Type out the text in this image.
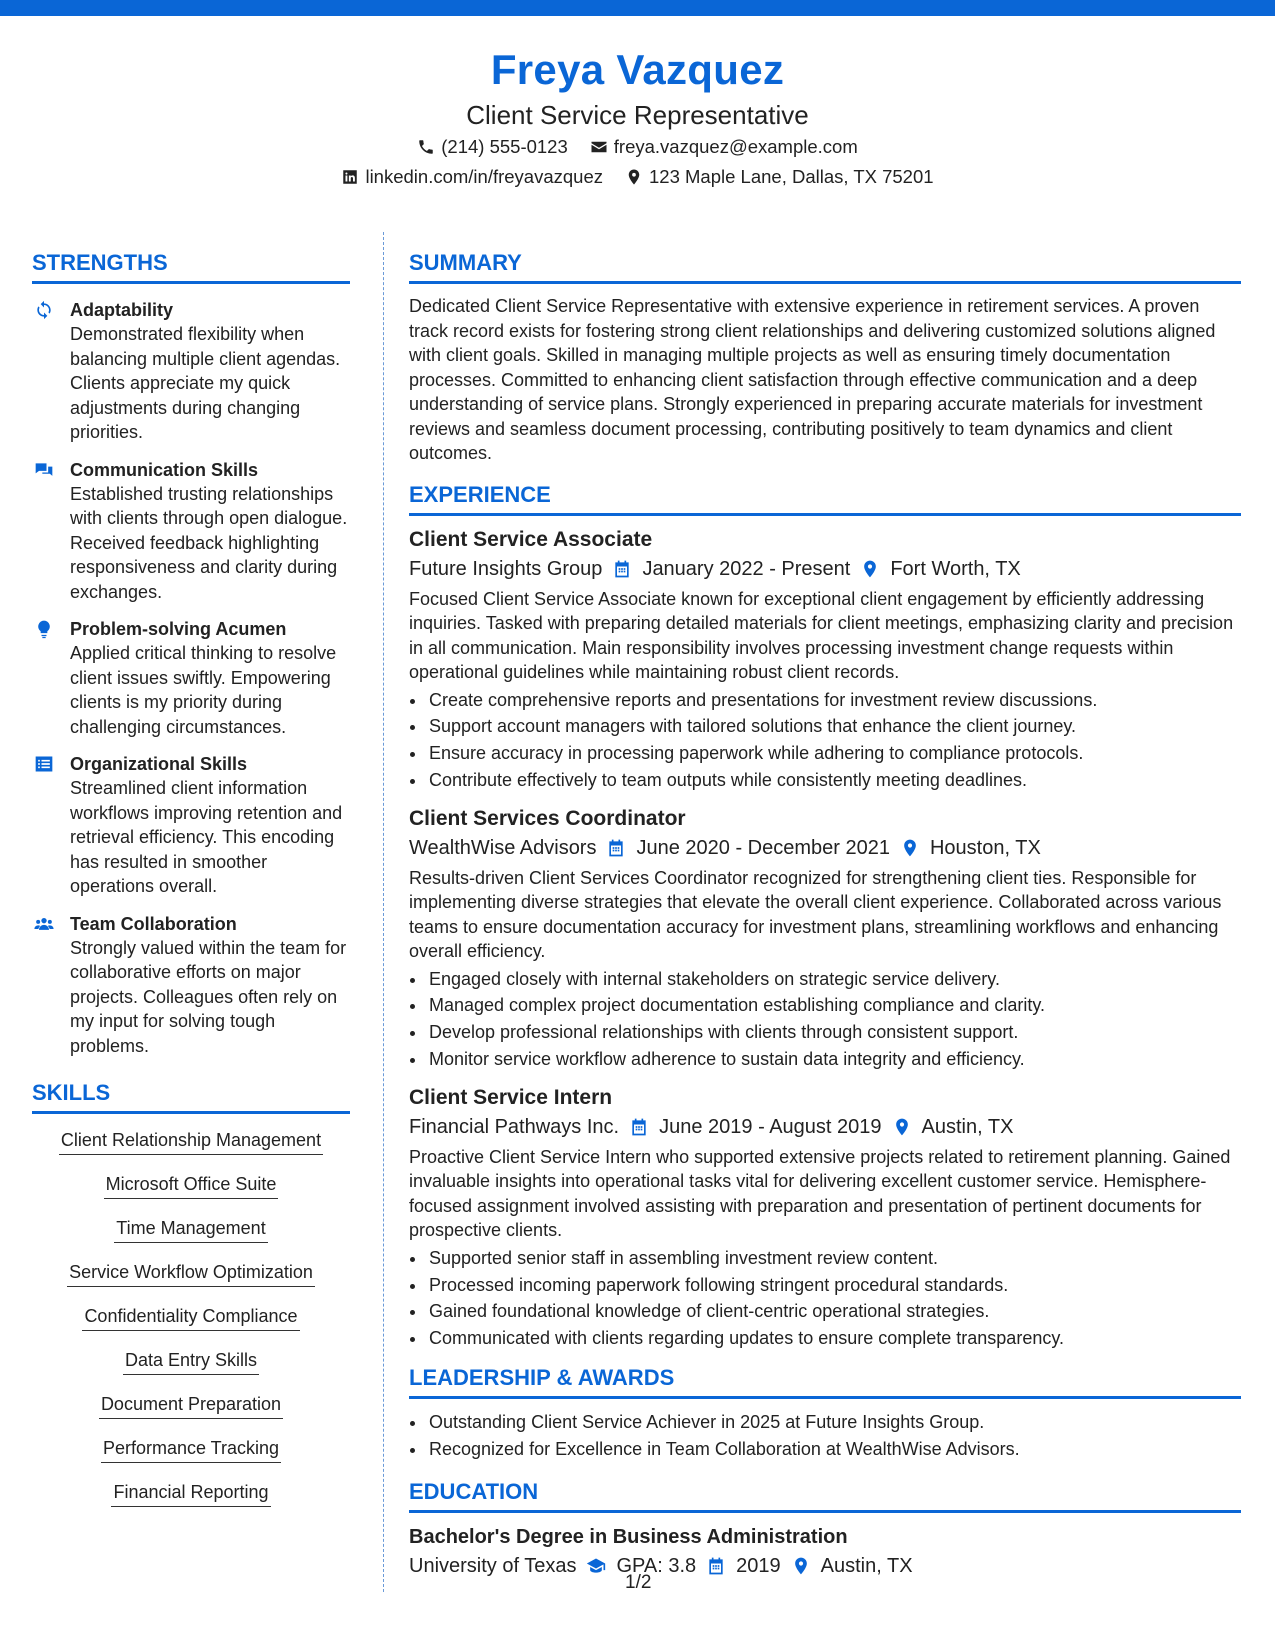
Freya Vazquez
Client Service Representative
(214) 555-0123 freya.vazquez@example.com
linkedin.com/in/freyavazquez 123 Maple Lane, Dallas, TX 75201
STRENGTHS
Adaptability
Demonstrated flexibility when balancing multiple client agendas. Clients appreciate my quick adjustments during changing priorities.
Communication Skills
Established trusting relationships with clients through open dialogue. Received feedback highlighting responsiveness and clarity during exchanges.
Problem-solving Acumen
Applied critical thinking to resolve client issues swiftly. Empowering clients is my priority during challenging circumstances.
Organizational Skills
Streamlined client information workflows improving retention and retrieval efficiency. This encoding has resulted in smoother operations overall.
Team Collaboration
Strongly valued within the team for collaborative efforts on major projects. Colleagues often rely on my input for solving tough problems.
SKILLS
Client Relationship Management
Microsoft Office Suite
Time Management
Service Workflow Optimization
Confidentiality Compliance
Data Entry Skills
Document Preparation
Performance Tracking
Financial Reporting
SUMMARY
Dedicated Client Service Representative with extensive experience in retirement services. A proven track record exists for fostering strong client relationships and delivering customized solutions aligned with client goals. Skilled in managing multiple projects as well as ensuring timely documentation processes. Committed to enhancing client satisfaction through effective communication and a deep understanding of service plans. Strongly experienced in preparing accurate materials for investment reviews and seamless document processing, contributing positively to team dynamics and client outcomes.
EXPERIENCE
Client Service Associate
Future Insights Group January 2022 - Present Fort Worth, TX
Focused Client Service Associate known for exceptional client engagement by efficiently addressing inquiries. Tasked with preparing detailed materials for client meetings, emphasizing clarity and precision in all communication. Main responsibility involves processing investment change requests within operational guidelines while maintaining robust client records.
• Create comprehensive reports and presentations for investment review discussions.
• Support account managers with tailored solutions that enhance the client journey.
• Ensure accuracy in processing paperwork while adhering to compliance protocols.
• Contribute effectively to team outputs while consistently meeting deadlines.
Client Services Coordinator
WealthWise Advisors June 2020 - December 2021 Houston, TX
Results-driven Client Services Coordinator recognized for strengthening client ties. Responsible for implementing diverse strategies that elevate the overall client experience. Collaborated across various teams to ensure documentation accuracy for investment plans, streamlining workflows and enhancing overall efficiency.
• Engaged closely with internal stakeholders on strategic service delivery.
• Managed complex project documentation establishing compliance and clarity.
• Develop professional relationships with clients through consistent support.
• Monitor service workflow adherence to sustain data integrity and efficiency.
Client Service Intern
Financial Pathways Inc. June 2019 - August 2019 Austin, TX
Proactive Client Service Intern who supported extensive projects related to retirement planning. Gained invaluable insights into operational tasks vital for delivering excellent customer service. Hemisphere-focused assignment involved assisting with preparation and presentation of pertinent documents for prospective clients.
• Supported senior staff in assembling investment review content.
• Processed incoming paperwork following stringent procedural standards.
• Gained foundational knowledge of client-centric operational strategies.
• Communicated with clients regarding updates to ensure complete transparency.
LEADERSHIP & AWARDS
• Outstanding Client Service Achiever in 2025 at Future Insights Group.
• Recognized for Excellence in Team Collaboration at WealthWise Advisors.
EDUCATION
Bachelor's Degree in Business Administration
University of Texas GPA: 3.8 2019 Austin, TX
1/2
